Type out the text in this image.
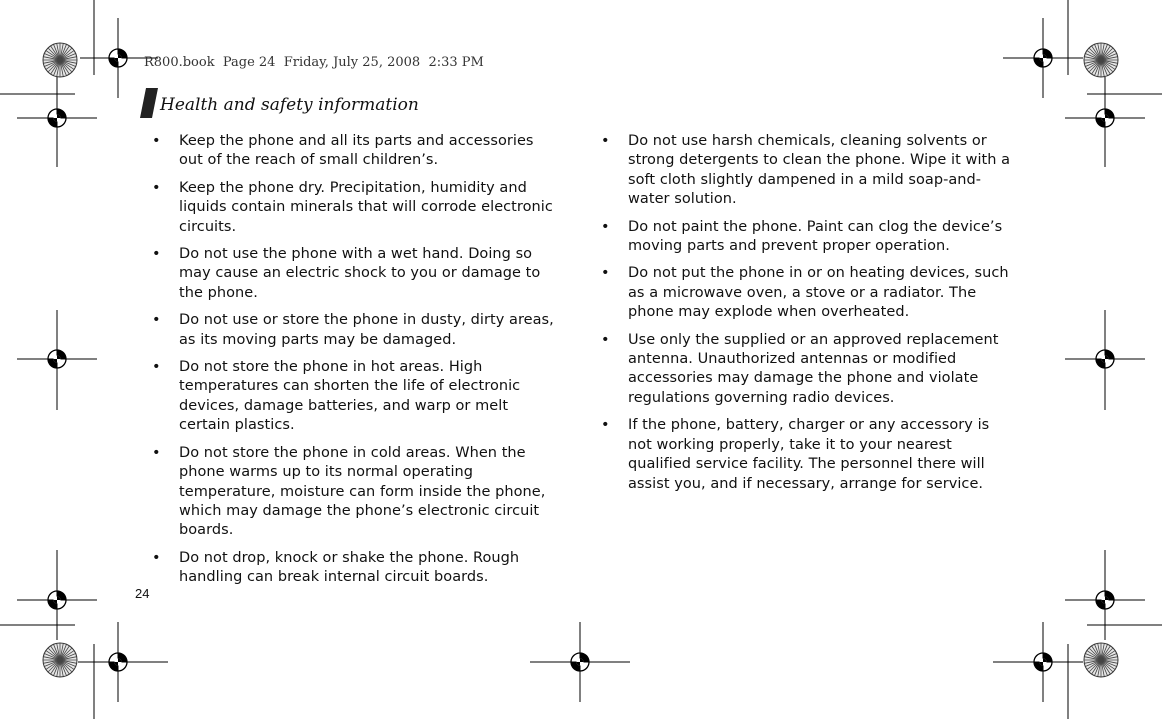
R800.book  Page 24  Friday, July 25, 2008  2:33 PM
Health and safety information
• Keep the phone and all its parts and accessories out of the reach of small children’s.
• Keep the phone dry. Precipitation, humidity and liquids contain minerals that will corrode electronic circuits.
• Do not use the phone with a wet hand. Doing so may cause an electric shock to you or damage to the phone.
• Do not use or store the phone in dusty, dirty areas, as its moving parts may be damaged.
• Do not store the phone in hot areas. High temperatures can shorten the life of electronic devices, damage batteries, and warp or melt certain plastics.
• Do not store the phone in cold areas. When the phone warms up to its normal operating temperature, moisture can form inside the phone, which may damage the phone’s electronic circuit boards.
• Do not drop, knock or shake the phone. Rough handling can break internal circuit boards.
• Do not use harsh chemicals, cleaning solvents or strong detergents to clean the phone. Wipe it with a soft cloth slightly dampened in a mild soap-and-water solution.
• Do not paint the phone. Paint can clog the device’s moving parts and prevent proper operation.
• Do not put the phone in or on heating devices, such as a microwave oven, a stove or a radiator. The phone may explode when overheated.
• Use only the supplied or an approved replacement antenna. Unauthorized antennas or modified accessories may damage the phone and violate regulations governing radio devices.
• If the phone, battery, charger or any accessory is not working properly, take it to your nearest qualified service facility. The personnel there will assist you, and if necessary, arrange for service.
24
